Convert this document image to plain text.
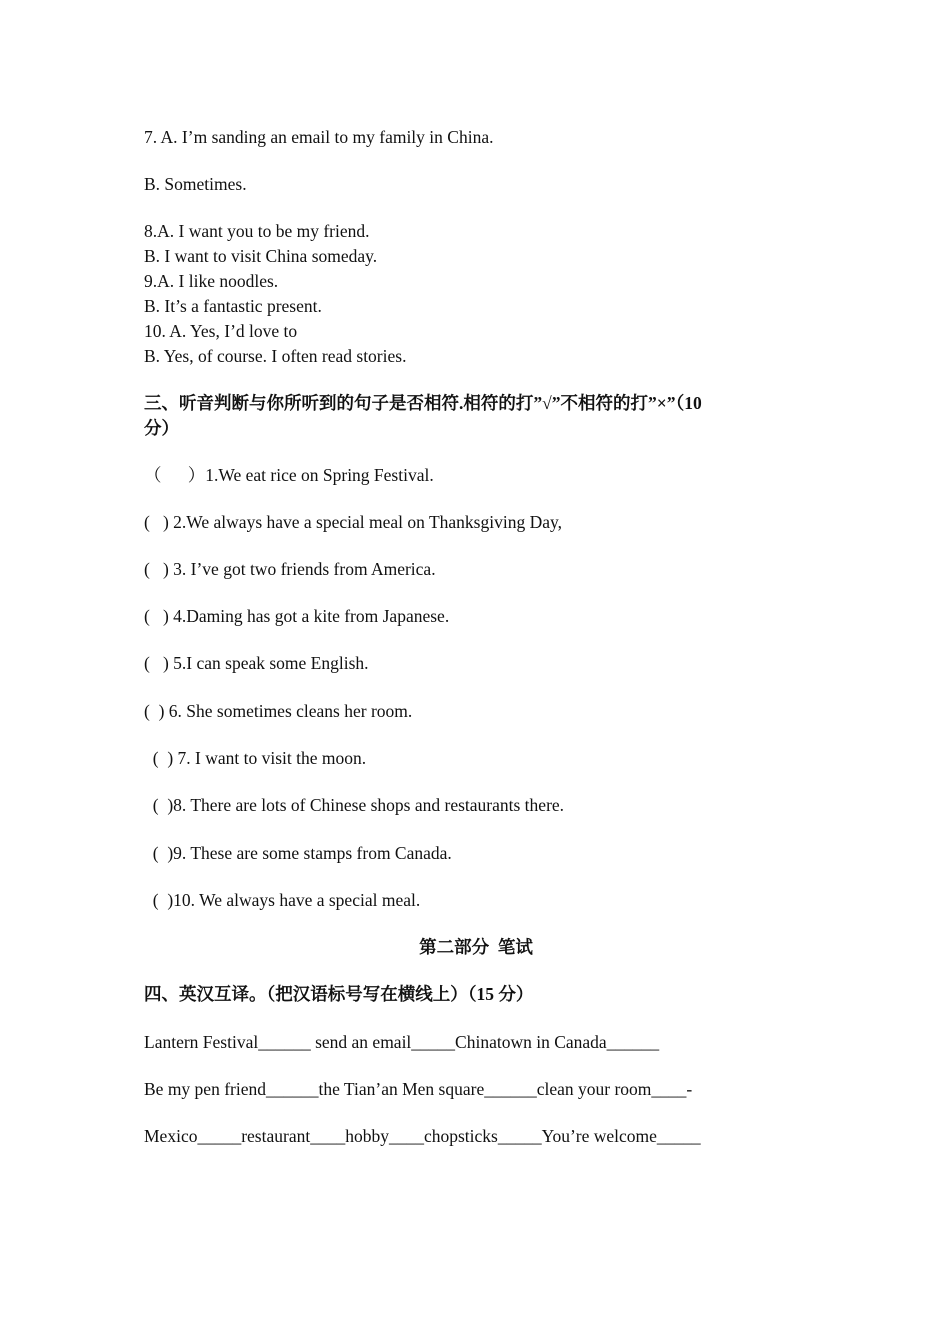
7. A. I’m sanding an email to my family in China.
B. Sometimes.
8.A. I want you to be my friend.
B. I want to visit China someday.
9.A. I like noodles.
B. It’s a fantastic present.
10. A. Yes, I’d love to
B. Yes, of course. I often read stories.
三、听音判断与你所听到的句子是否相符.相符的打”√”不相符的打”×”（10
分）
（      ）1.We eat rice on Spring Festival.
(   ) 2.We always have a special meal on Thanksgiving Day,
(   ) 3. I’ve got two friends from America.
(   ) 4.Daming has got a kite from Japanese.
(   ) 5.I can speak some English.
(  ) 6. She sometimes cleans her room.
(  ) 7. I want to visit the moon.
(  )8. There are lots of Chinese shops and restaurants there.
(  )9. These are some stamps from Canada.
(  )10. We always have a special meal.
第二部分  笔试
四、英汉互译。（把汉语标号写在横线上）（15 分）
Lantern Festival______ send an email_____Chinatown in Canada______
Be my pen friend______the Tian’an Men square______clean your room____-
Mexico_____restaurant____hobby____chopsticks_____You’re welcome_____
